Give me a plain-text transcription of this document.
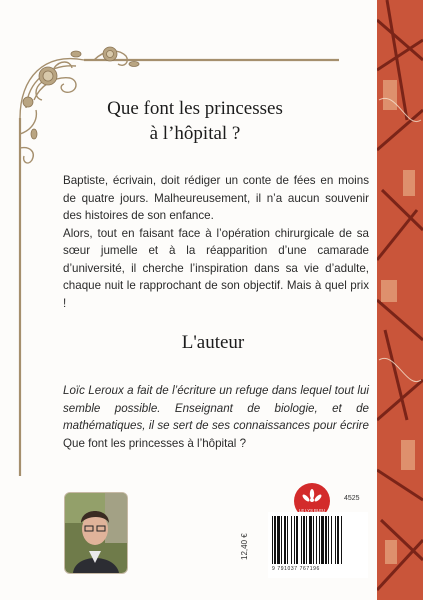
Que font les princesses
à l’hôpital ?

Baptiste, écrivain, doit rédiger un conte de fées en moins de quatre jours. Malheureusement, il n’a aucun souvenir des histoires de son enfance.

Alors, tout en faisant face à l’opération chirurgicale de sa sœur jumelle et à la réapparition d’une camarade d’université, il cherche l’inspiration dans sa vie d’adulte, chaque nuit le rapprochant de son objectif. Mais à quel prix !

L'auteur
Loïc Leroux a fait de l’écriture un refuge dans lequel tout lui semble possible. Enseignant de biologie, et de mathématiques, il se sert de ses connaissances pour écrire Que font les princesses à l’hôpital ?
LE LYS BLEU
4525
12,40 €
9 791037 767196
